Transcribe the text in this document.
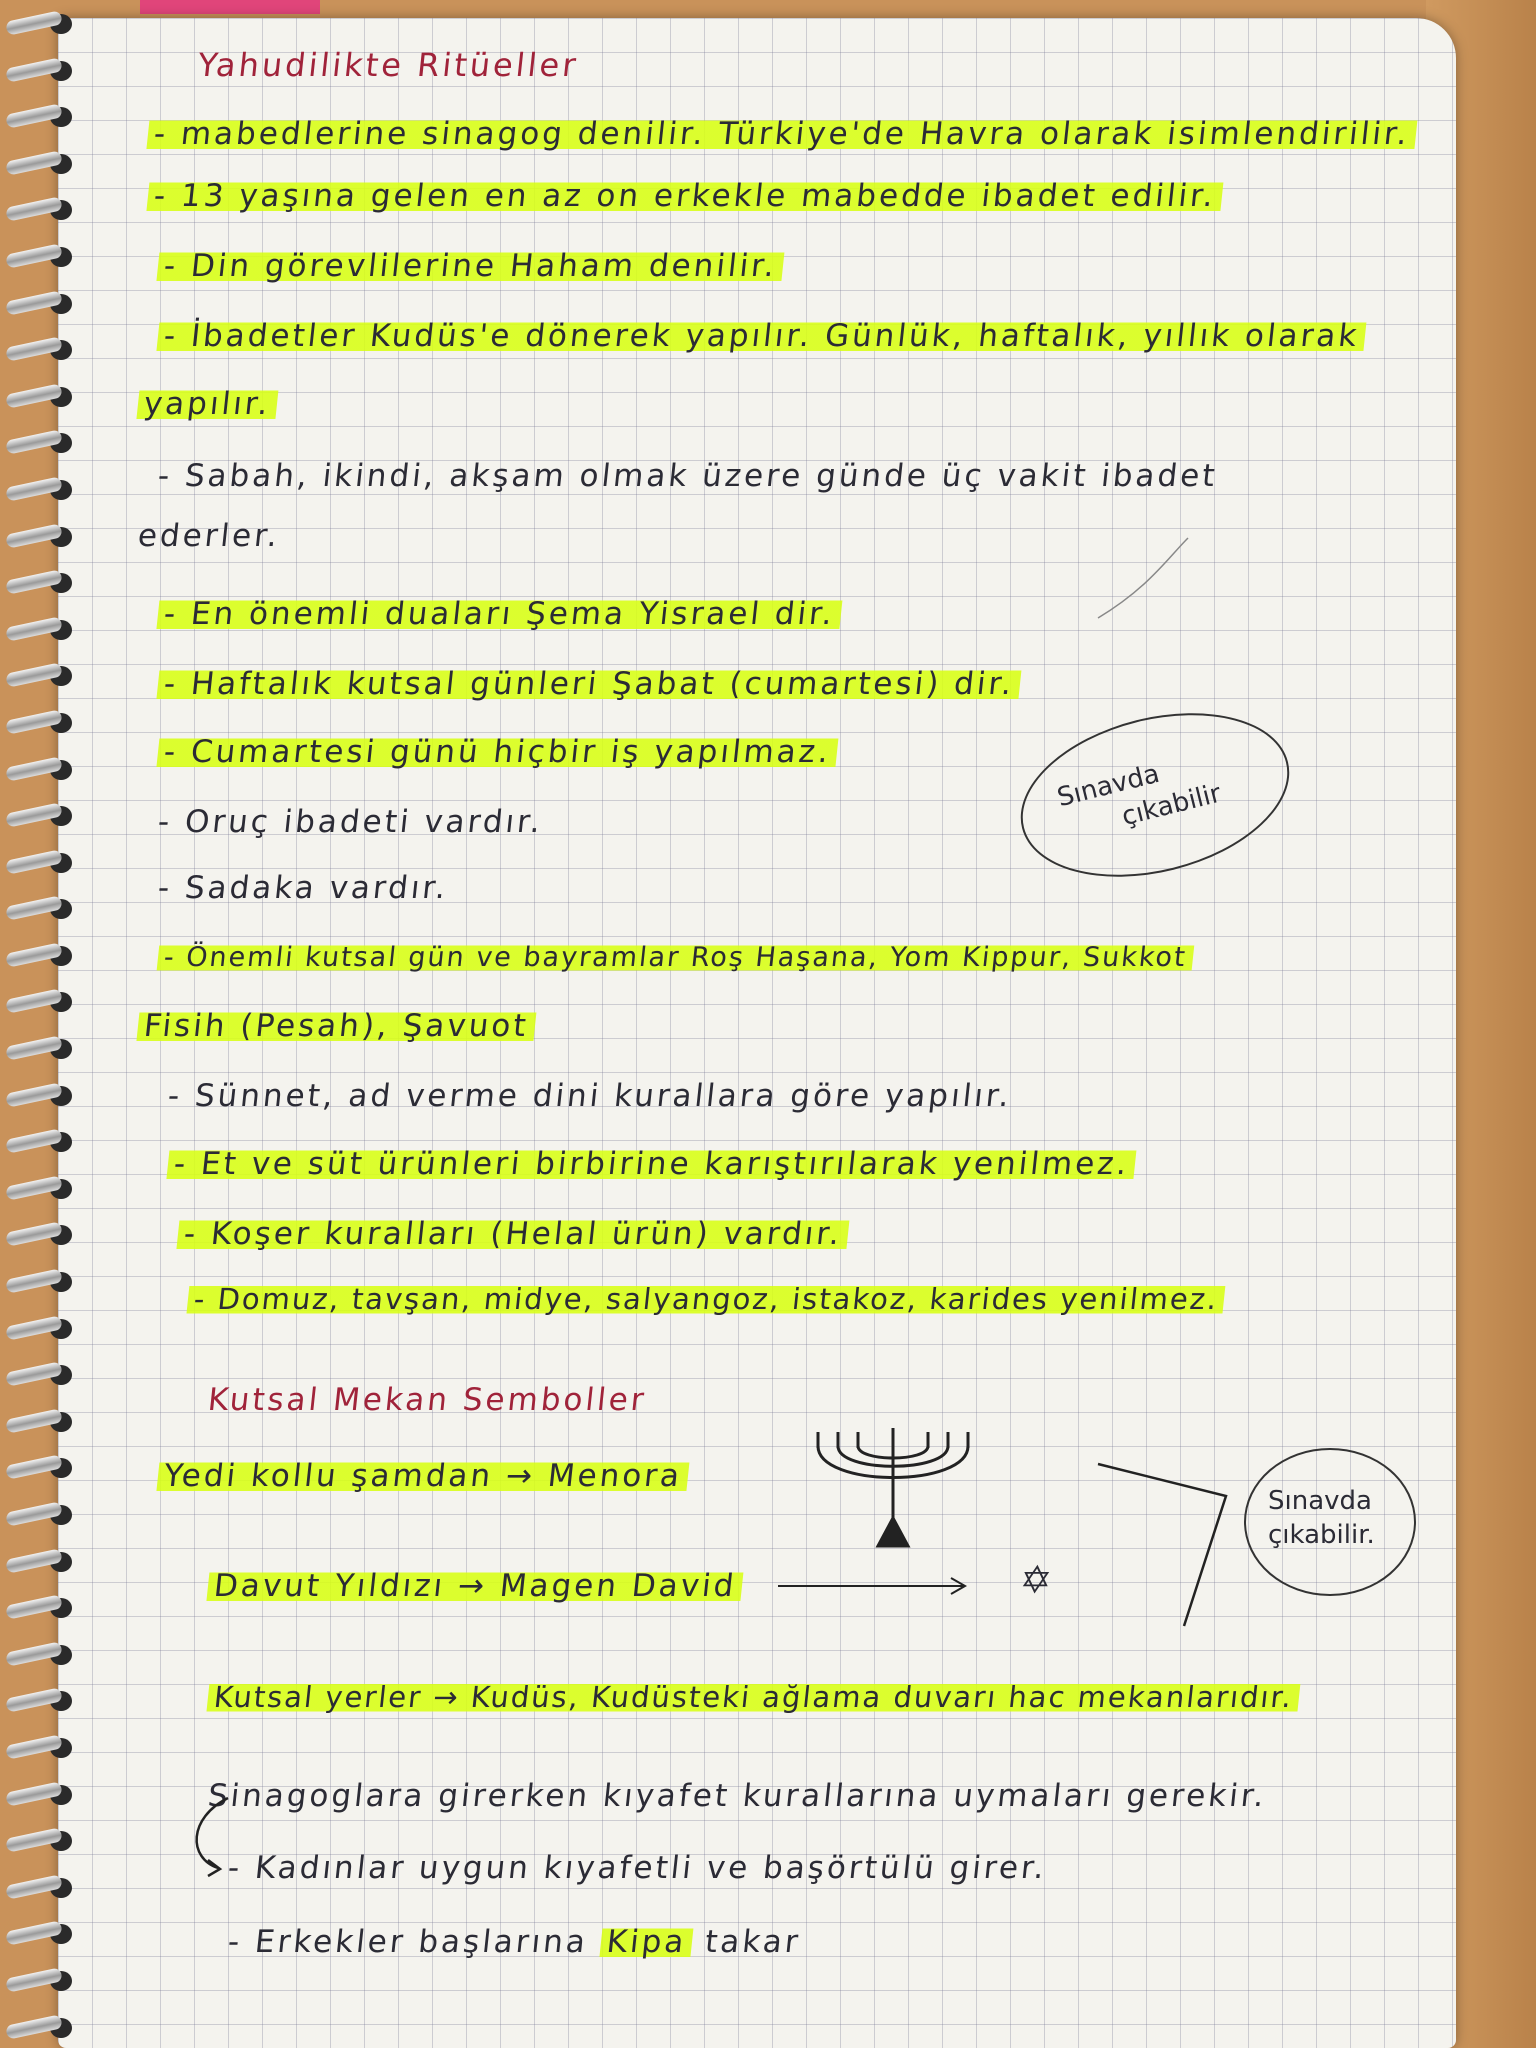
Yahudilikte Ritüeller
- mabedlerine sinagog denilir. Türkiye'de Havra olarak isimlendirilir.
- 13 yaşına gelen en az on erkekle mabedde ibadet edilir.
- Din görevlilerine Haham denilir.
- İbadetler Kudüs'e dönerek yapılır. Günlük, haftalık, yıllık olarak
yapılır.
- Sabah, ikindi, akşam olmak üzere günde üç vakit ibadet
ederler.
- En önemli duaları Şema Yisrael dir.
- Haftalık kutsal günleri Şabat (cumartesi) dir.
- Cumartesi günü hiçbir iş yapılmaz.
- Oruç ibadeti vardır.
- Sadaka vardır.
- Önemli kutsal gün ve bayramlar Roş Haşana, Yom Kippur, Sukkot
Fisih (Pesah), Şavuot
- Sünnet, ad verme dini kurallara göre yapılır.
- Et ve süt ürünleri birbirine karıştırılarak yenilmez.
- Koşer kuralları (Helal ürün) vardır.
- Domuz, tavşan, midye, salyangoz, istakoz, karides yenilmez.
Sınavda
çıkabilir
Kutsal Mekan Semboller
Yedi kollu şamdan → Menora
Davut Yıldızı → Magen David	✡
Sınavda
çıkabilir.
Kutsal yerler → Kudüs, Kudüsteki ağlama duvarı hac mekanlarıdır.
Sinagoglara girerken kıyafet kurallarına uymaları gerekir.
- Kadınlar uygun kıyafetli ve başörtülü girer.
- Erkekler başlarına Kipa takar
